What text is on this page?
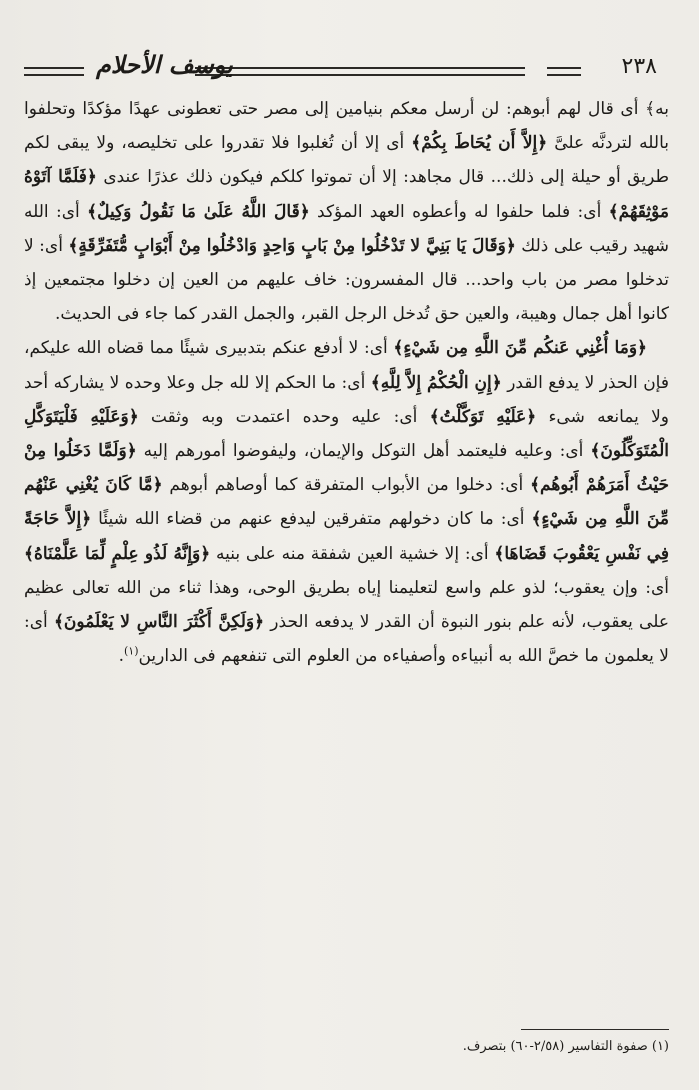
٢٣٨
يوسف الأحلام

به﴾ أى قال لهم أبوهم: لن أرسل معكم بنيامين إلى مصر حتى تعطونى عهدًا مؤكدًا وتحلفوا بالله لتردنَّه علىَّ ﴿إِلاَّ أَن يُحَاطَ بِكُمْ﴾ أى إلا أن تُغلبوا فلا تقدروا على تخليصه، ولا يبقى لكم طريق أو حيلة إلى ذلك... قال مجاهد: إلا أن تموتوا كلكم فيكون ذلك عذرًا عندى ﴿فَلَمَّا آتَوْهُ مَوْثِقَهُمْ﴾ أى: فلما حلفوا له وأعطوه العهد المؤكد ﴿قَالَ اللَّهُ عَلَىٰ مَا نَقُولُ وَكِيلٌ﴾ أى: الله شهيد رقيب على ذلك ﴿وَقَالَ يَا بَنِيَّ لا تَدْخُلُوا مِنْ بَابٍ وَاحِدٍ وَادْخُلُوا مِنْ أَبْوَابٍ مُّتَفَرِّقَةٍ﴾ أى: لا تدخلوا مصر من باب واحد... قال المفسرون: خاف عليهم من العين إن دخلوا مجتمعين إذ كانوا أهل جمال وهيبة، والعين حق تُدخل الرجل القبر، والجمل القدر كما جاء فى الحديث.

﴿وَمَا أُغْنِي عَنكُم مِّنَ اللَّهِ مِن شَيْءٍ﴾ أى: لا أدفع عنكم بتدبيرى شيئًا مما قضاه الله عليكم، فإن الحذر لا يدفع القدر ﴿إِنِ الْحُكْمُ إِلاَّ لِلَّهِ﴾ أى: ما الحكم إلا لله جل وعلا وحده لا يشاركه أحد ولا يمانعه شىء ﴿عَلَيْهِ تَوَكَّلْتُ﴾ أى: عليه وحده اعتمدت وبه وثقت ﴿وَعَلَيْهِ فَلْيَتَوَكَّلِ الْمُتَوَكِّلُونَ﴾ أى: وعليه فليعتمد أهل التوكل والإيمان، وليفوضوا أمورهم إليه ﴿وَلَمَّا دَخَلُوا مِنْ حَيْثُ أَمَرَهُمْ أَبُوهُم﴾ أى: دخلوا من الأبواب المتفرقة كما أوصاهم أبوهم ﴿مَّا كَانَ يُغْنِي عَنْهُم مِّنَ اللَّهِ مِن شَيْءٍ﴾ أى: ما كان دخولهم متفرقين ليدفع عنهم من قضاء الله شيئًا ﴿إِلاَّ حَاجَةً فِي نَفْسِ يَعْقُوبَ قَضَاهَا﴾ أى: إلا خشية العين شفقة منه على بنيه ﴿وَإِنَّهُ لَذُو عِلْمٍ لِّمَا عَلَّمْنَاهُ﴾ أى: وإن يعقوب؛ لذو علم واسع لتعليمنا إياه بطريق الوحى، وهذا ثناء من الله تعالى عظيم على يعقوب، لأنه علم بنور النبوة أن القدر لا يدفعه الحذر ﴿وَلَكِنَّ أَكْثَرَ النَّاسِ لا يَعْلَمُونَ﴾ أى: لا يعلمون ما خصَّ الله به أنبياءه وأصفياءه من العلوم التى تنفعهم فى الدارين$^{(١)}$.

(١) صفوة التفاسير (٢/٥٨-٦٠) بتصرف.
